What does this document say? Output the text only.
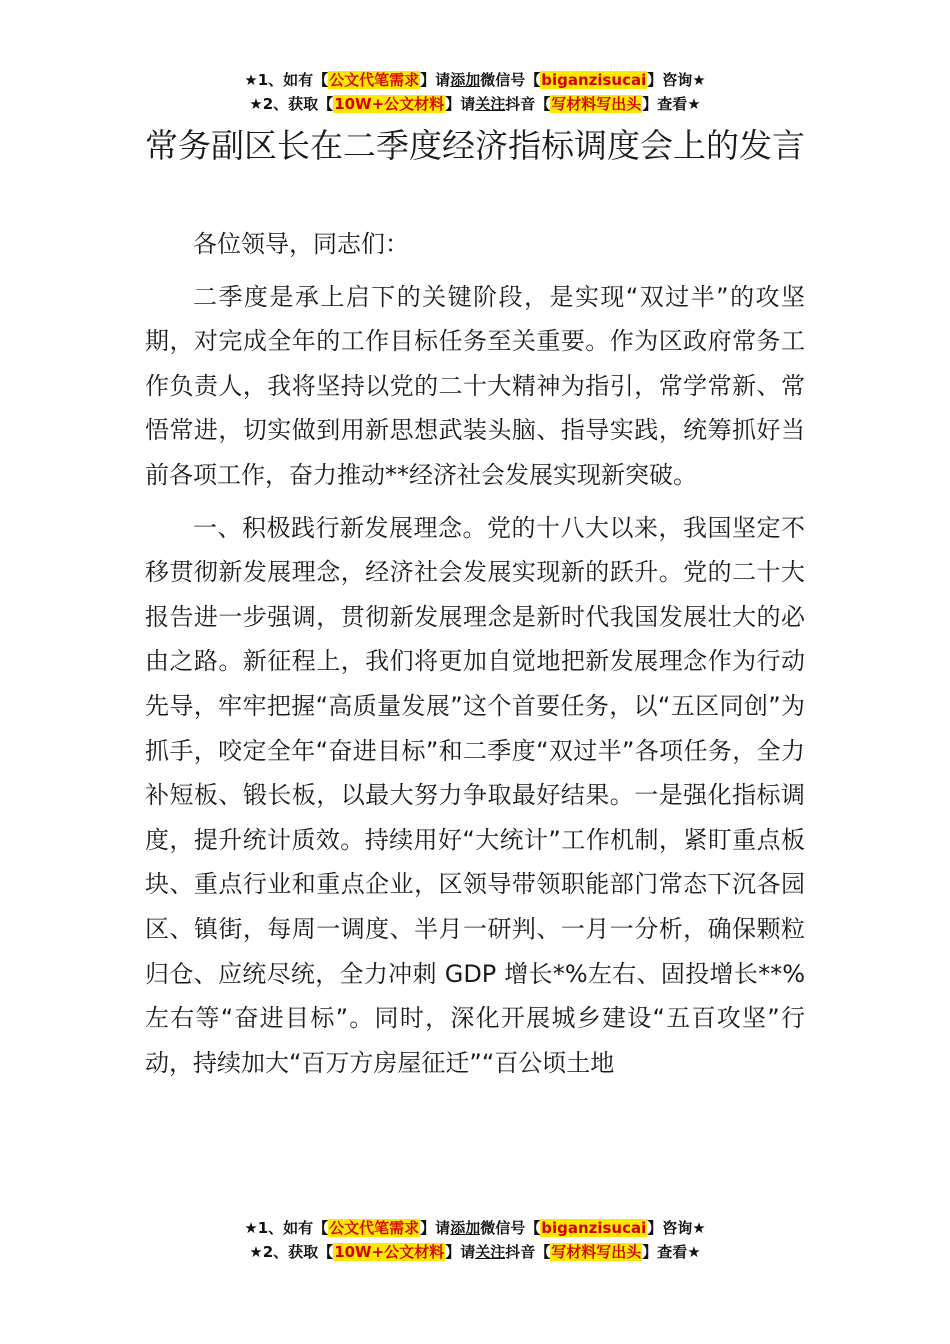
★1、如有【公文代笔需求】请添加微信号【biganzisucai】咨询★
★2、获取【10W+公文材料】请关注抖音【写材料写出头】查看★
常务副区长在二季度经济指标调度会上的发言

各位领导，同志们：

二季度是承上启下的关键阶段，是实现“双过半”的攻坚期，对完成全年的工作目标任务至关重要。作为区政府常务工作负责人，我将坚持以党的二十大精神为指引，常学常新、常悟常进，切实做到用新思想武装头脑、指导实践，统筹抓好当前各项工作，奋力推动**经济社会发展实现新突破。

一、积极践行新发展理念。党的十八大以来，我国坚定不移贯彻新发展理念，经济社会发展实现新的跃升。党的二十大报告进一步强调，贯彻新发展理念是新时代我国发展壮大的必由之路。新征程上，我们将更加自觉地把新发展理念作为行动先导，牢牢把握“高质量发展”这个首要任务，以“五区同创”为抓手，咬定全年“奋进目标”和二季度“双过半”各项任务，全力补短板、锻长板，以最大努力争取最好结果。一是强化指标调度，提升统计质效。持续用好“大统计”工作机制，紧盯重点板块、重点行业和重点企业，区领导带领职能部门常态下沉各园区、镇街，每周一调度、半月一研判、一月一分析，确保颗粒归仓、应统尽统，全力冲刺 GDP 增长*%左右、固投增长**%左右等“奋进目标”。同时，深化开展城乡建设“五百攻坚”行动，持续加大“百万方房屋征迁”“百公顷土地

★1、如有【公文代笔需求】请添加微信号【biganzisucai】咨询★
★2、获取【10W+公文材料】请关注抖音【写材料写出头】查看★
